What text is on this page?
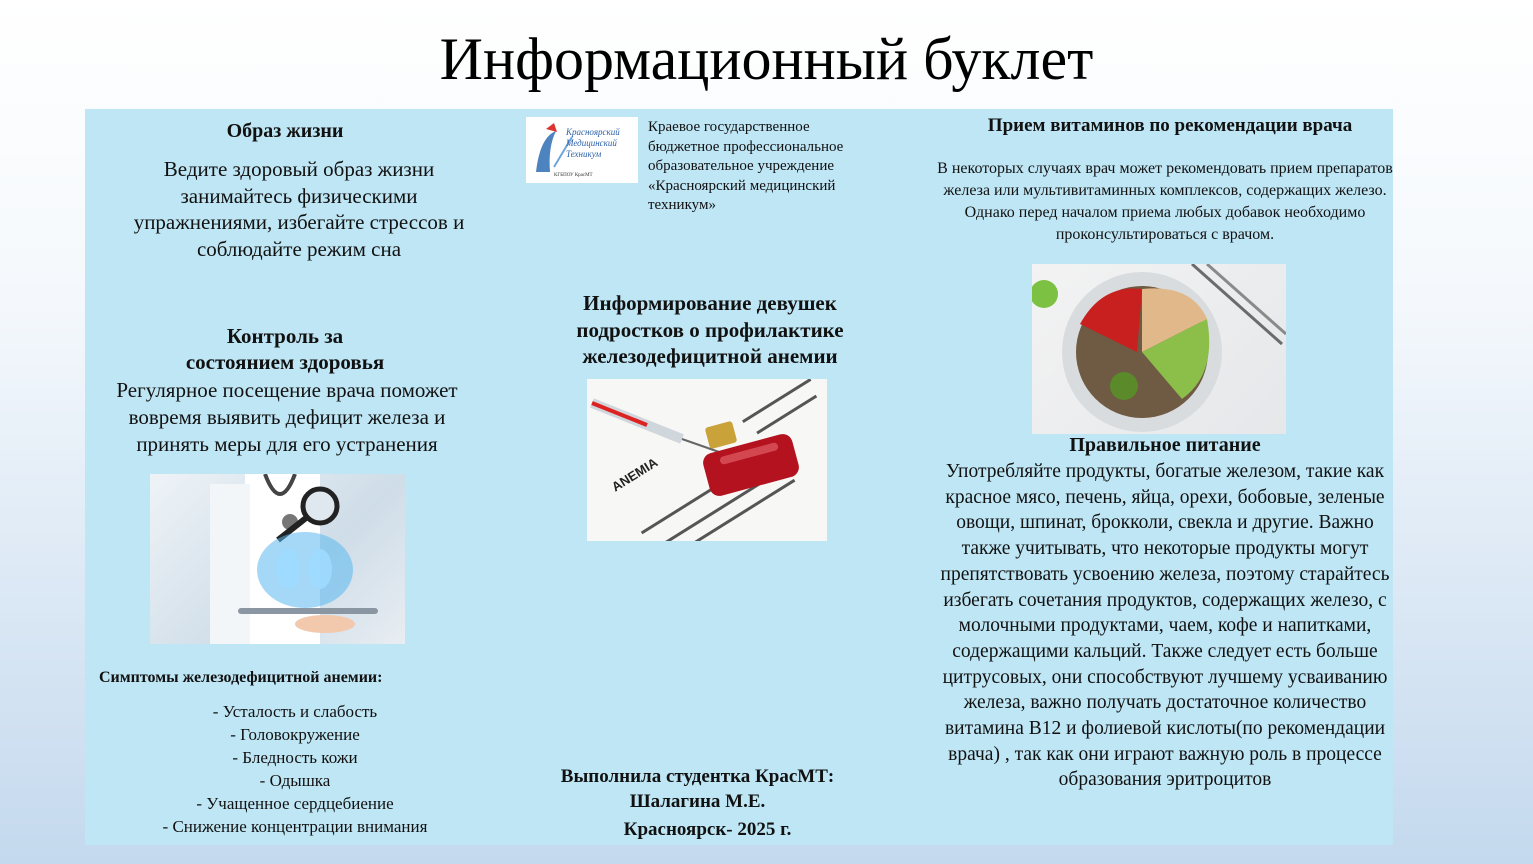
Информационный буклет
Образ жизни
Ведите здоровый образ жизни занимайтесь физическими упражнениями, избегайте стрессов и соблюдайте режим сна
Контроль за
состоянием здоровья
Регулярное посещение врача поможет вовремя выявить дефицит железа и принять меры для его устранения
Симптомы железодефицитной анемии:
- Усталость и слабость
- Головокружение
- Бледность кожи
- Одышка
- Учащенное сердцебиение
- Снижение концентрации внимания
Красноярский
Медицинский
Техникум
КГБПОУ КрасМТ
Краевое государственное бюджетное профессиональное образовательное учреждение «Красноярский медицинский техникум»
Информирование девушек подростков о профилактике железодефицитной анемии
ANEMIA
Выполнила студентка КрасМТ:
Шалагина М.Е.
Красноярск- 2025 г.
Прием витаминов по рекомендации врача
В некоторых случаях врач может рекомендовать прием препаратов железа или мультивитаминных комплексов, содержащих железо. Однако перед началом приема любых добавок необходимо проконсультироваться с врачом.
Правильное питание
Употребляйте продукты, богатые железом, такие как красное мясо, печень, яйца, орехи, бобовые, зеленые овощи, шпинат, брокколи, свекла и другие. Важно также учитывать, что некоторые продукты могут препятствовать усвоению железа, поэтому старайтесь избегать сочетания продуктов, содержащих железо, с молочными продуктами, чаем, кофе и напитками, содержащими кальций. Также следует есть больше цитрусовых, они способствуют лучшему усваиванию железа, важно получать достаточное количество витамина В12 и фолиевой кислоты(по рекомендации врача) , так как они играют важную роль в процессе образования эритроцитов
